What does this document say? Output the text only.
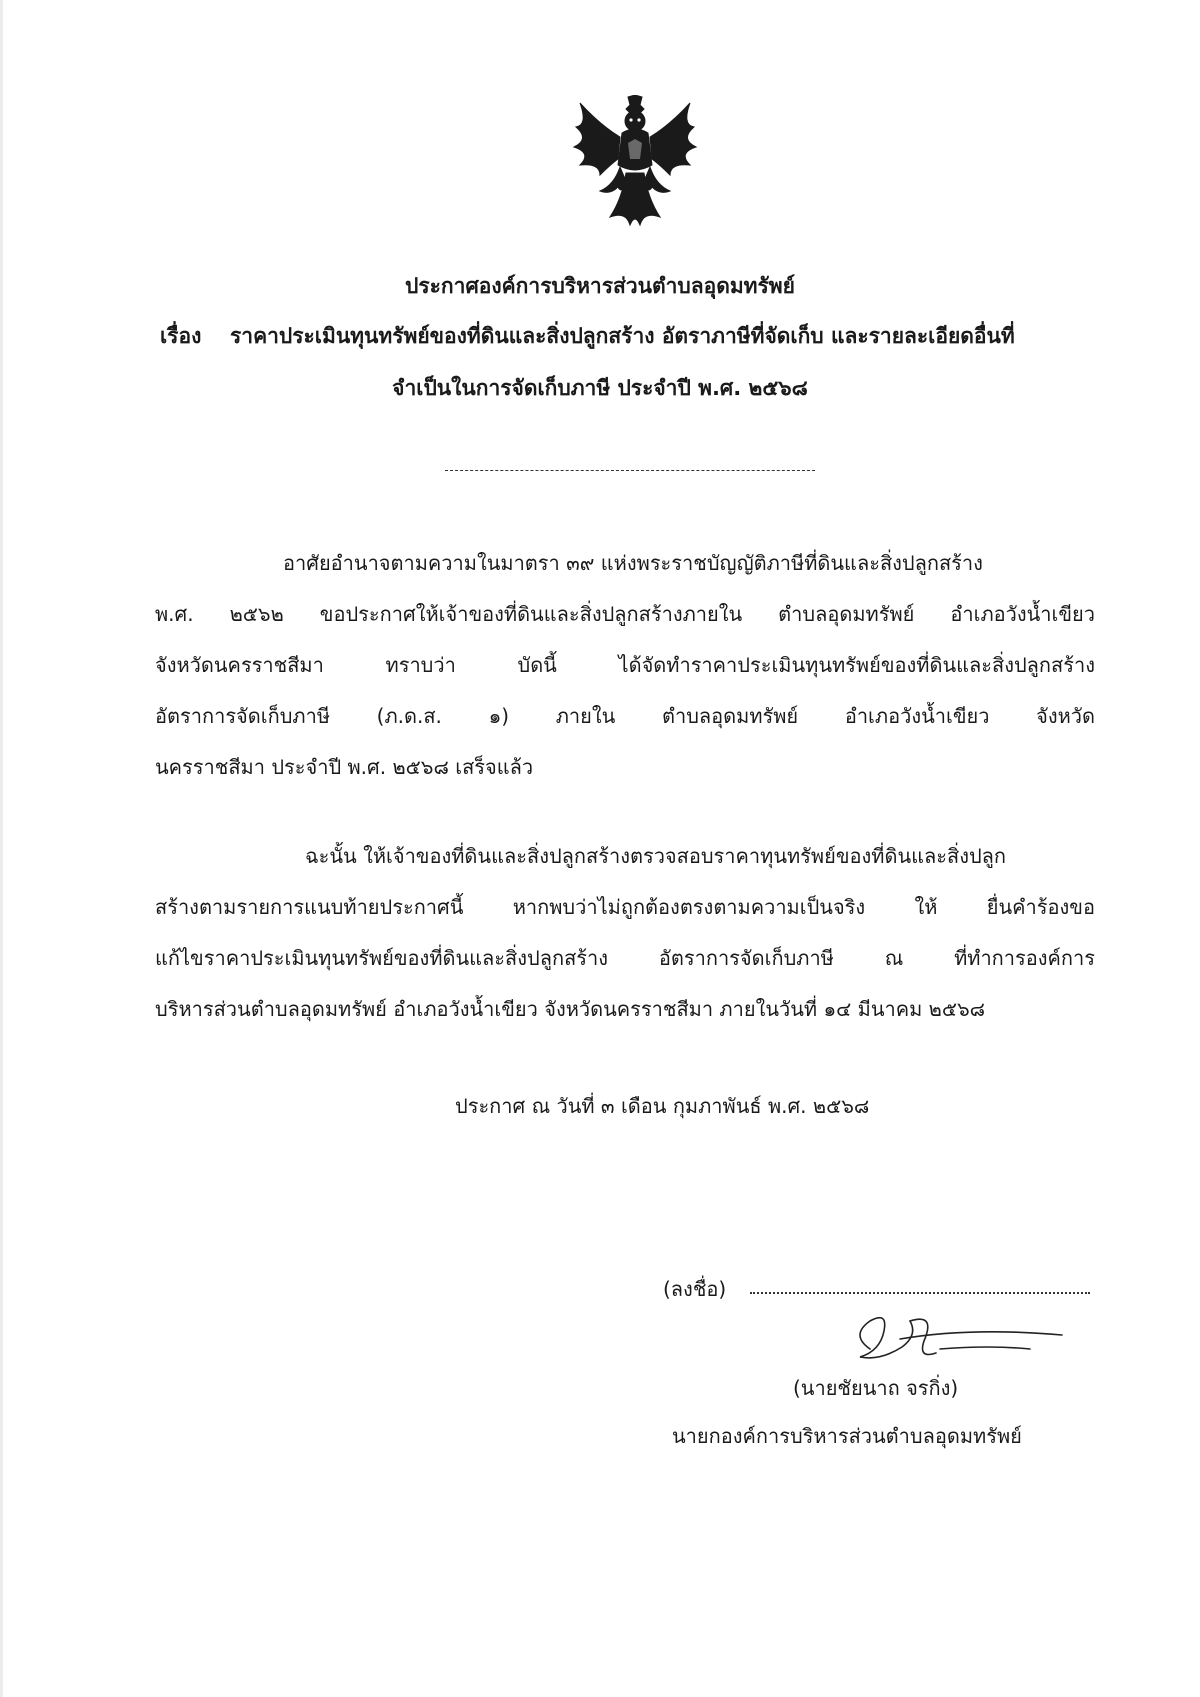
ประกาศองค์การบริหารส่วนตำบลอุดมทรัพย์
เรื่อง ราคาประเมินทุนทรัพย์ของที่ดินและสิ่งปลูกสร้าง อัตราภาษีที่จัดเก็บ และรายละเอียดอื่นที่
จำเป็นในการจัดเก็บภาษี ประจำปี พ.ศ. ๒๕๖๘
อาศัยอำนาจตามความในมาตรา ๓๙ แห่งพระราชบัญญัติภาษีที่ดินและสิ่งปลูกสร้าง
พ.ศ. ๒๕๖๒ ขอประกาศให้เจ้าของที่ดินและสิ่งปลูกสร้างภายใน ตำบลอุดมทรัพย์ อำเภอวังน้ำเขียว
จังหวัดนครราชสีมา ทราบว่า บัดนี้ ได้จัดทำราคาประเมินทุนทรัพย์ของที่ดินและสิ่งปลูกสร้าง
อัตราการจัดเก็บภาษี (ภ.ด.ส. ๑) ภายใน ตำบลอุดมทรัพย์ อำเภอวังน้ำเขียว จังหวัด
นครราชสีมา ประจำปี พ.ศ. ๒๕๖๘ เสร็จแล้ว
ฉะนั้น ให้เจ้าของที่ดินและสิ่งปลูกสร้างตรวจสอบราคาทุนทรัพย์ของที่ดินและสิ่งปลูก
สร้างตามรายการแนบท้ายประกาศนี้ หากพบว่าไม่ถูกต้องตรงตามความเป็นจริง ให้ ยื่นคำร้องขอ
แก้ไขราคาประเมินทุนทรัพย์ของที่ดินและสิ่งปลูกสร้าง อัตราการจัดเก็บภาษี ณ ที่ทำการองค์การ
บริหารส่วนตำบลอุดมทรัพย์ อำเภอวังน้ำเขียว จังหวัดนครราชสีมา ภายในวันที่ ๑๔ มีนาคม ๒๕๖๘
ประกาศ ณ วันที่ ๓ เดือน กุมภาพันธ์ พ.ศ. ๒๕๖๘
(ลงชื่อ)
(นายชัยนาถ จรกิ่ง)
นายกองค์การบริหารส่วนตำบลอุดมทรัพย์
